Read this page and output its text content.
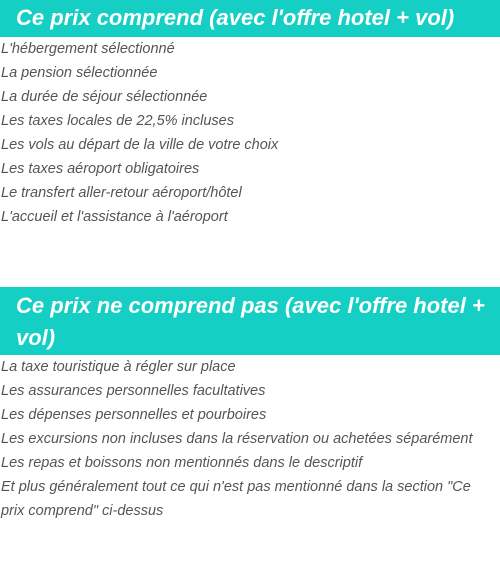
Ce prix comprend (avec l'offre hotel + vol)
L'hébergement sélectionné
La pension sélectionnée
La durée de séjour sélectionnée
Les taxes locales de 22,5% incluses
Les vols au départ de la ville de votre choix
Les taxes aéroport obligatoires
Le transfert aller-retour aéroport/hôtel
L'accueil et l'assistance à l'aéroport
Ce prix ne comprend pas (avec l'offre hotel + vol)
La taxe touristique à régler sur place
Les assurances personnelles facultatives
Les dépenses personnelles et pourboires
Les excursions non incluses dans la réservation ou achetées séparément
Les repas et boissons non mentionnés dans le descriptif
Et plus généralement tout ce qui n'est pas mentionné dans la section "Ce prix comprend" ci-dessus
